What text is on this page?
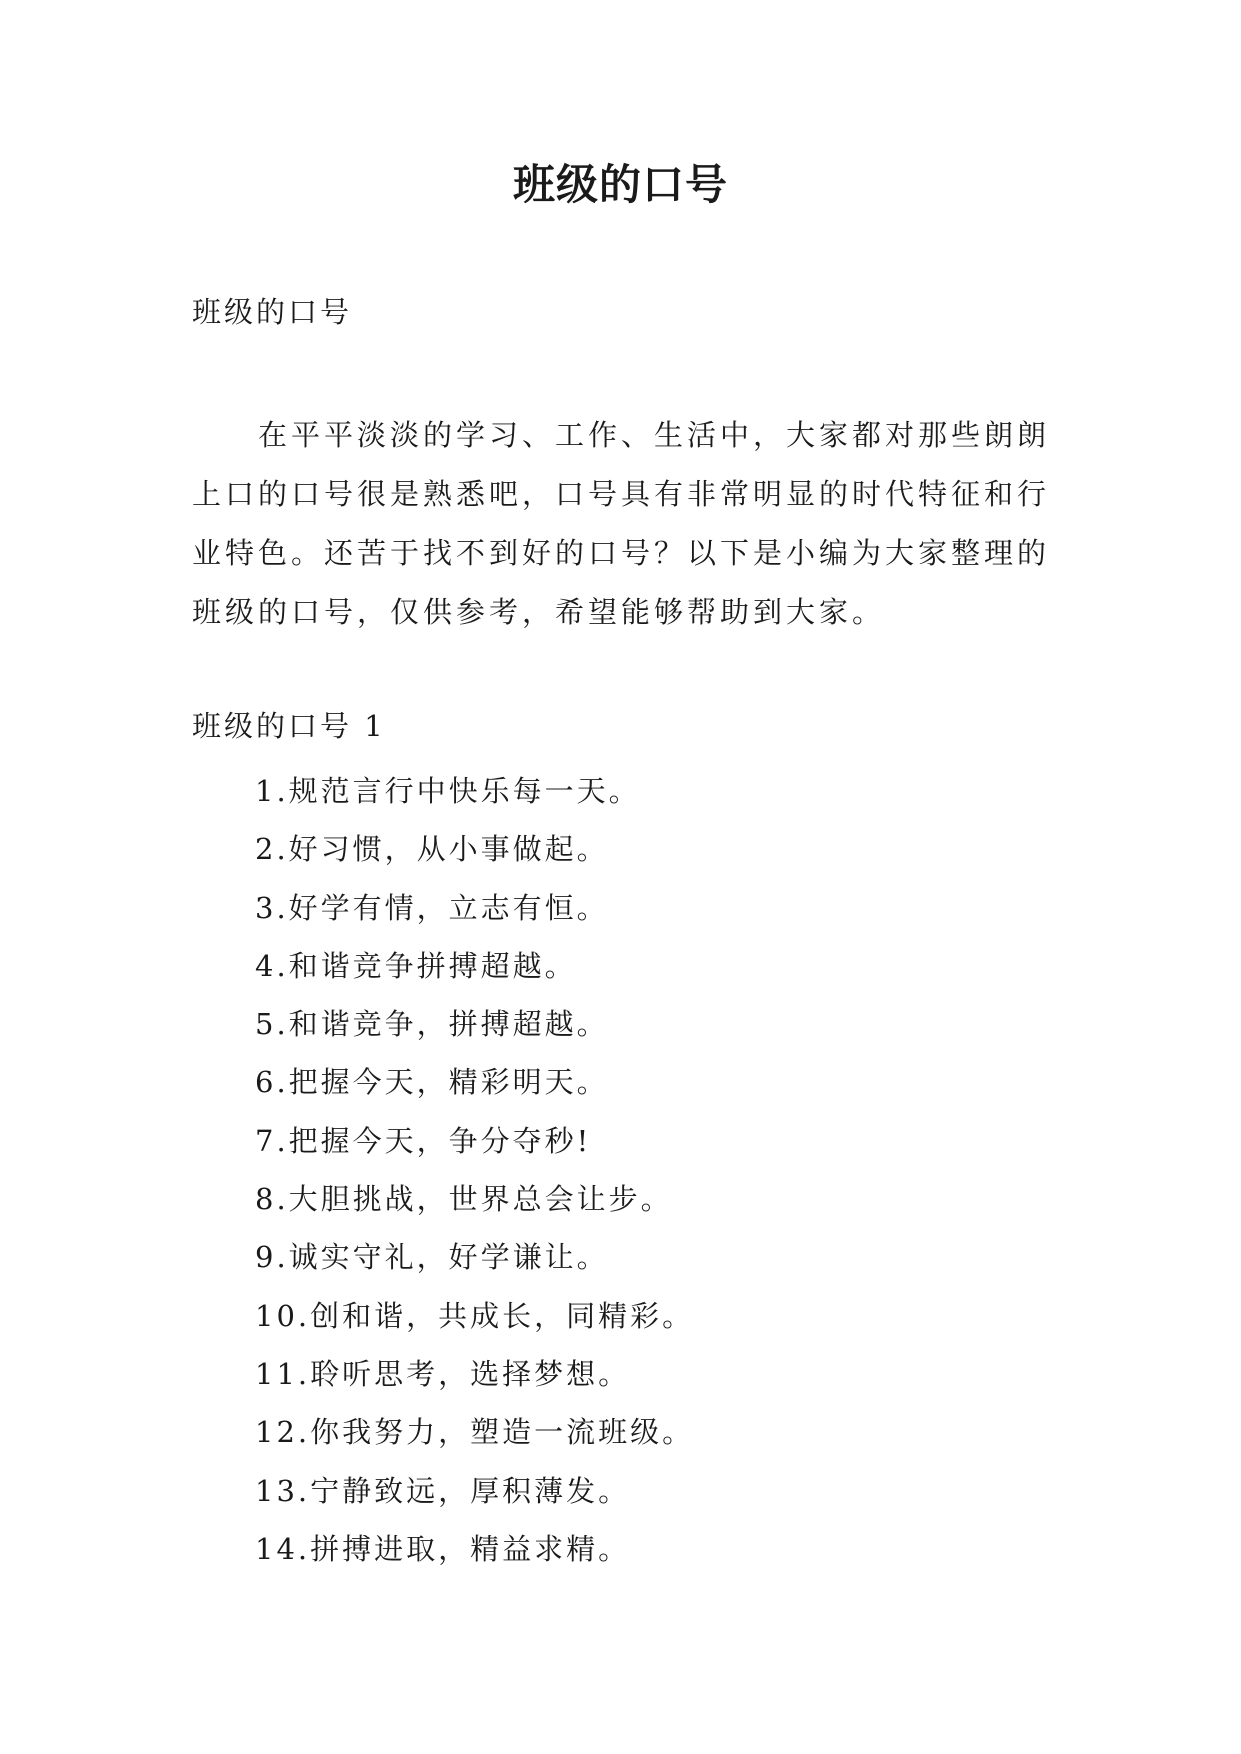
班级的口号

班级的口号

在平平淡淡的学习、工作、生活中，大家都对那些朗朗上口的口号很是熟悉吧，口号具有非常明显的时代特征和行业特色。还苦于找不到好的口号？以下是小编为大家整理的班级的口号，仅供参考，希望能够帮助到大家。

班级的口号 1

1.规范言行中快乐每一天。
2.好习惯，从小事做起。
3.好学有情，立志有恒。
4.和谐竞争拼搏超越。
5.和谐竞争，拼搏超越。
6.把握今天，精彩明天。
7.把握今天，争分夺秒!
8.大胆挑战，世界总会让步。
9.诚实守礼，好学谦让。
10.创和谐，共成长，同精彩。
11.聆听思考，选择梦想。
12.你我努力，塑造一流班级。
13.宁静致远，厚积薄发。
14.拼搏进取，精益求精。
